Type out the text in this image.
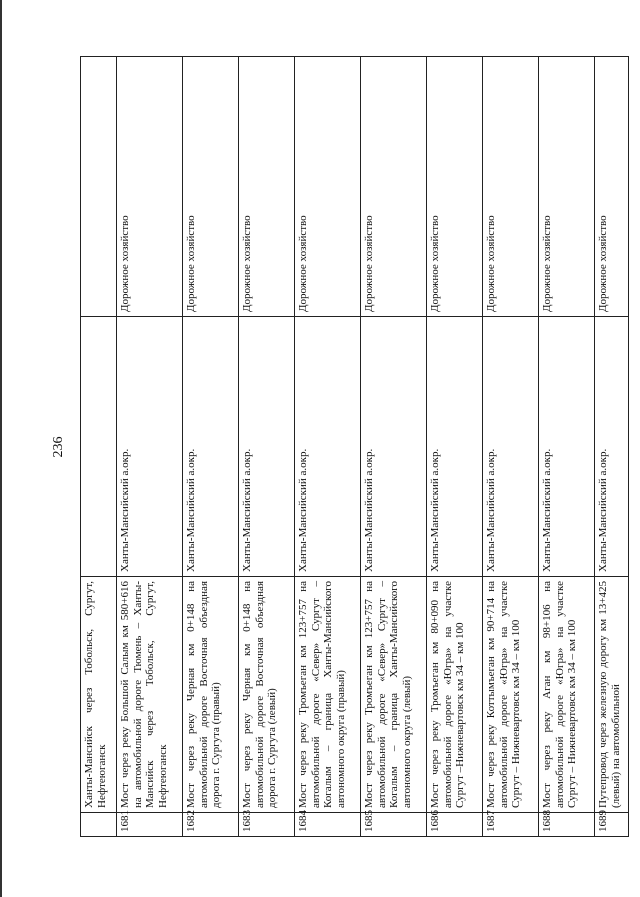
236
	Ханты-Мансийск через Тобольск, Сургут, Нефтеюганск		
1681	Мост через реку Большой Салым км 580+616 на автомобильной дороге Тюмень – Ханты-Мансийск через Тобольск, Сургут, Нефтеюганск	Ханты-Мансийский а.окр.	Дорожное хозяйство
1682	Мост через реку Черная км 0+148 на автомобильной дороге Восточная объездная дорога г. Сургута (правый)	Ханты-Мансийский а.окр.	Дорожное хозяйство
1683	Мост через реку Черная км 0+148 на автомобильной дороге Восточная объездная дорога г. Сургута (левый)	Ханты-Мансийский а.окр.	Дорожное хозяйство
1684	Мост через реку Тромъеган км 123+757 на автомобильной дороге «Север» Сургут – Когалым – граница Ханты-Мансийского автономного округа (правый)	Ханты-Мансийский а.окр.	Дорожное хозяйство
1685	Мост через реку Тромъеган км 123+757 на автомобильной дороге «Север» Сургут – Когалым – граница Ханты-Мансийского автономного округа (левый)	Ханты-Мансийский а.окр.	Дорожное хозяйство
1686	Мост через реку Тромъеган км 80+090 на автомобильной дороге «Югра» на участке Сургут –Нижневартовск км 34 – км 100	Ханты-Мансийский а.окр.	Дорожное хозяйство
1687	Мост через реку Коттымъеган км 90+714 на автомобильной дороге «Югра» на участке Сургут – Нижневартовск км 34 – км 100	Ханты-Мансийский а.окр.	Дорожное хозяйство
1688	Мост через реку Аган км 98+106 на автомобильной дороге «Югра» на участке Сургут – Нижневартовск км 34 – км 100	Ханты-Мансийский а.окр.	Дорожное хозяйство
1689	Путепровод через железную дорогу км 13+425 (левый) на автомобильной	Ханты-Мансийский а.окр.	Дорожное хозяйство
